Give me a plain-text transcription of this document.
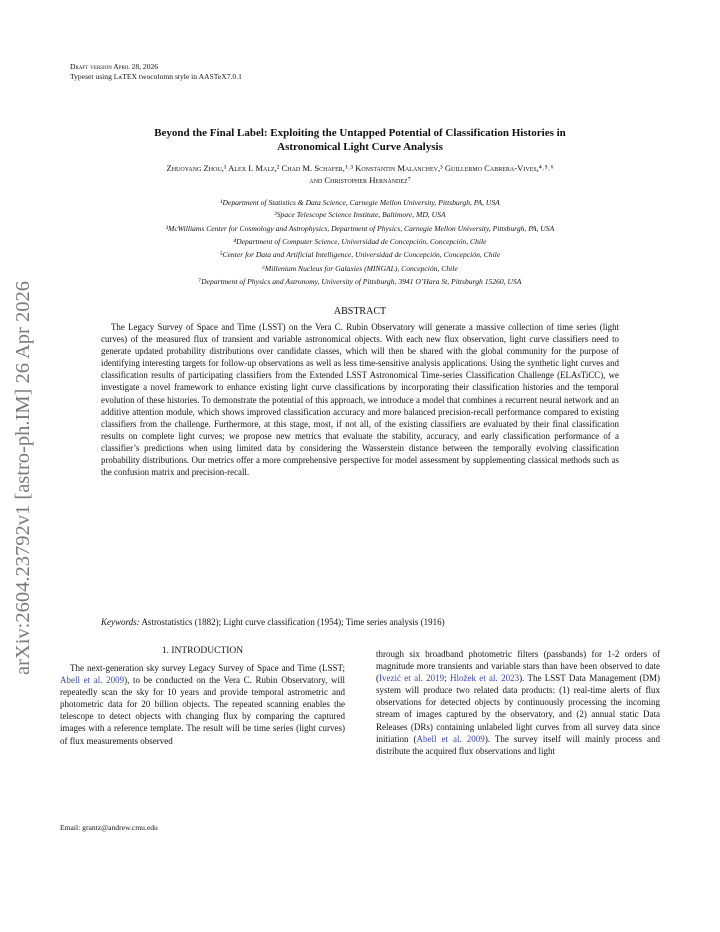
arXiv:2604.23792v1 [astro-ph.IM] 26 Apr 2026
Draft version April 28, 2026
Typeset using LᴀTEX twocolumn style in AASTeX7.0.1
Beyond the Final Label: Exploiting the Untapped Potential of Classification Histories in
Astronomical Light Curve Analysis
Zhuoyang Zhou,¹ Alex I. Malz,² Chad M. Schafer,¹˒³ Konstantin Malanchev,³ Guillermo Cabrera-Vives,⁴˒⁵˒⁶
and Christopher Hernández⁷
¹Department of Statistics & Data Science, Carnegie Mellon University, Pittsburgh, PA, USA
²Space Telescope Science Institute, Baltimore, MD, USA
³McWilliams Center for Cosmology and Astrophysics, Department of Physics, Carnegie Mellon University, Pittsburgh, PA, USA
⁴Department of Computer Science, Universidad de Concepción, Concepción, Chile
⁵Center for Data and Artificial Intelligence, Universidad de Concepción, Concepción, Chile
⁶Millenium Nucleus for Galaxies (MINGAL), Concepción, Chile
⁷Department of Physics and Astronomy, University of Pittsburgh, 3941 O’Hara St, Pittsburgh 15260, USA
ABSTRACT
The Legacy Survey of Space and Time (LSST) on the Vera C. Rubin Observatory will generate a massive collection of time series (light curves) of the measured flux of transient and variable astronomical objects. With each new flux observation, light curve classifiers need to generate updated probability distributions over candidate classes, which will then be shared with the global community for the purpose of identifying interesting targets for follow-up observations as well as less time-sensitive analysis applications. Using the synthetic light curves and classification results of participating classifiers from the Extended LSST Astronomical Time-series Classification Challenge (ELAsTiCC), we investigate a novel framework to enhance existing light curve classifications by incorporating their classification histories and the temporal evolution of these histories. To demonstrate the potential of this approach, we introduce a model that combines a recurrent neural network and an additive attention module, which shows improved classification accuracy and more balanced precision-recall performance compared to existing classifiers from the challenge. Furthermore, at this stage, most, if not all, of the existing classifiers are evaluated by their final classification results on complete light curves; we propose new metrics that evaluate the stability, accuracy, and early classification performance of a classifier’s predictions when using limited data by considering the Wasserstein distance between the temporally evolving classification probability distributions. Our metrics offer a more comprehensive perspective for model assessment by supplementing classical methods such as the confusion matrix and precision-recall.
Keywords: Astrostatistics (1882); Light curve classification (1954); Time series analysis (1916)
1. INTRODUCTION
The next-generation sky survey Legacy Survey of Space and Time (LSST; Abell et al. 2009), to be conducted on the Vera C. Rubin Observatory, will repeatedly scan the sky for 10 years and provide temporal astrometric and photometric data for 20 billion objects. The repeated scanning enables the telescope to detect objects with changing flux by comparing the captured images with a reference template. The result will be time series (light curves) of flux measurements observed
through six broadband photometric filters (passbands) for 1-2 orders of magnitude more transients and variable stars than have been observed to date (Ivezić et al. 2019; Hložek et al. 2023). The LSST Data Management (DM) system will produce two related data products: (1) real-time alerts of flux observations for detected objects by continuously processing the incoming stream of images captured by the observatory, and (2) annual static Data Releases (DRs) containing unlabeled light curves from all survey data since initiation (Abell et al. 2009). The survey itself will mainly process and distribute the acquired flux observations and light
Email: grantz@andrew.cmu.edu
